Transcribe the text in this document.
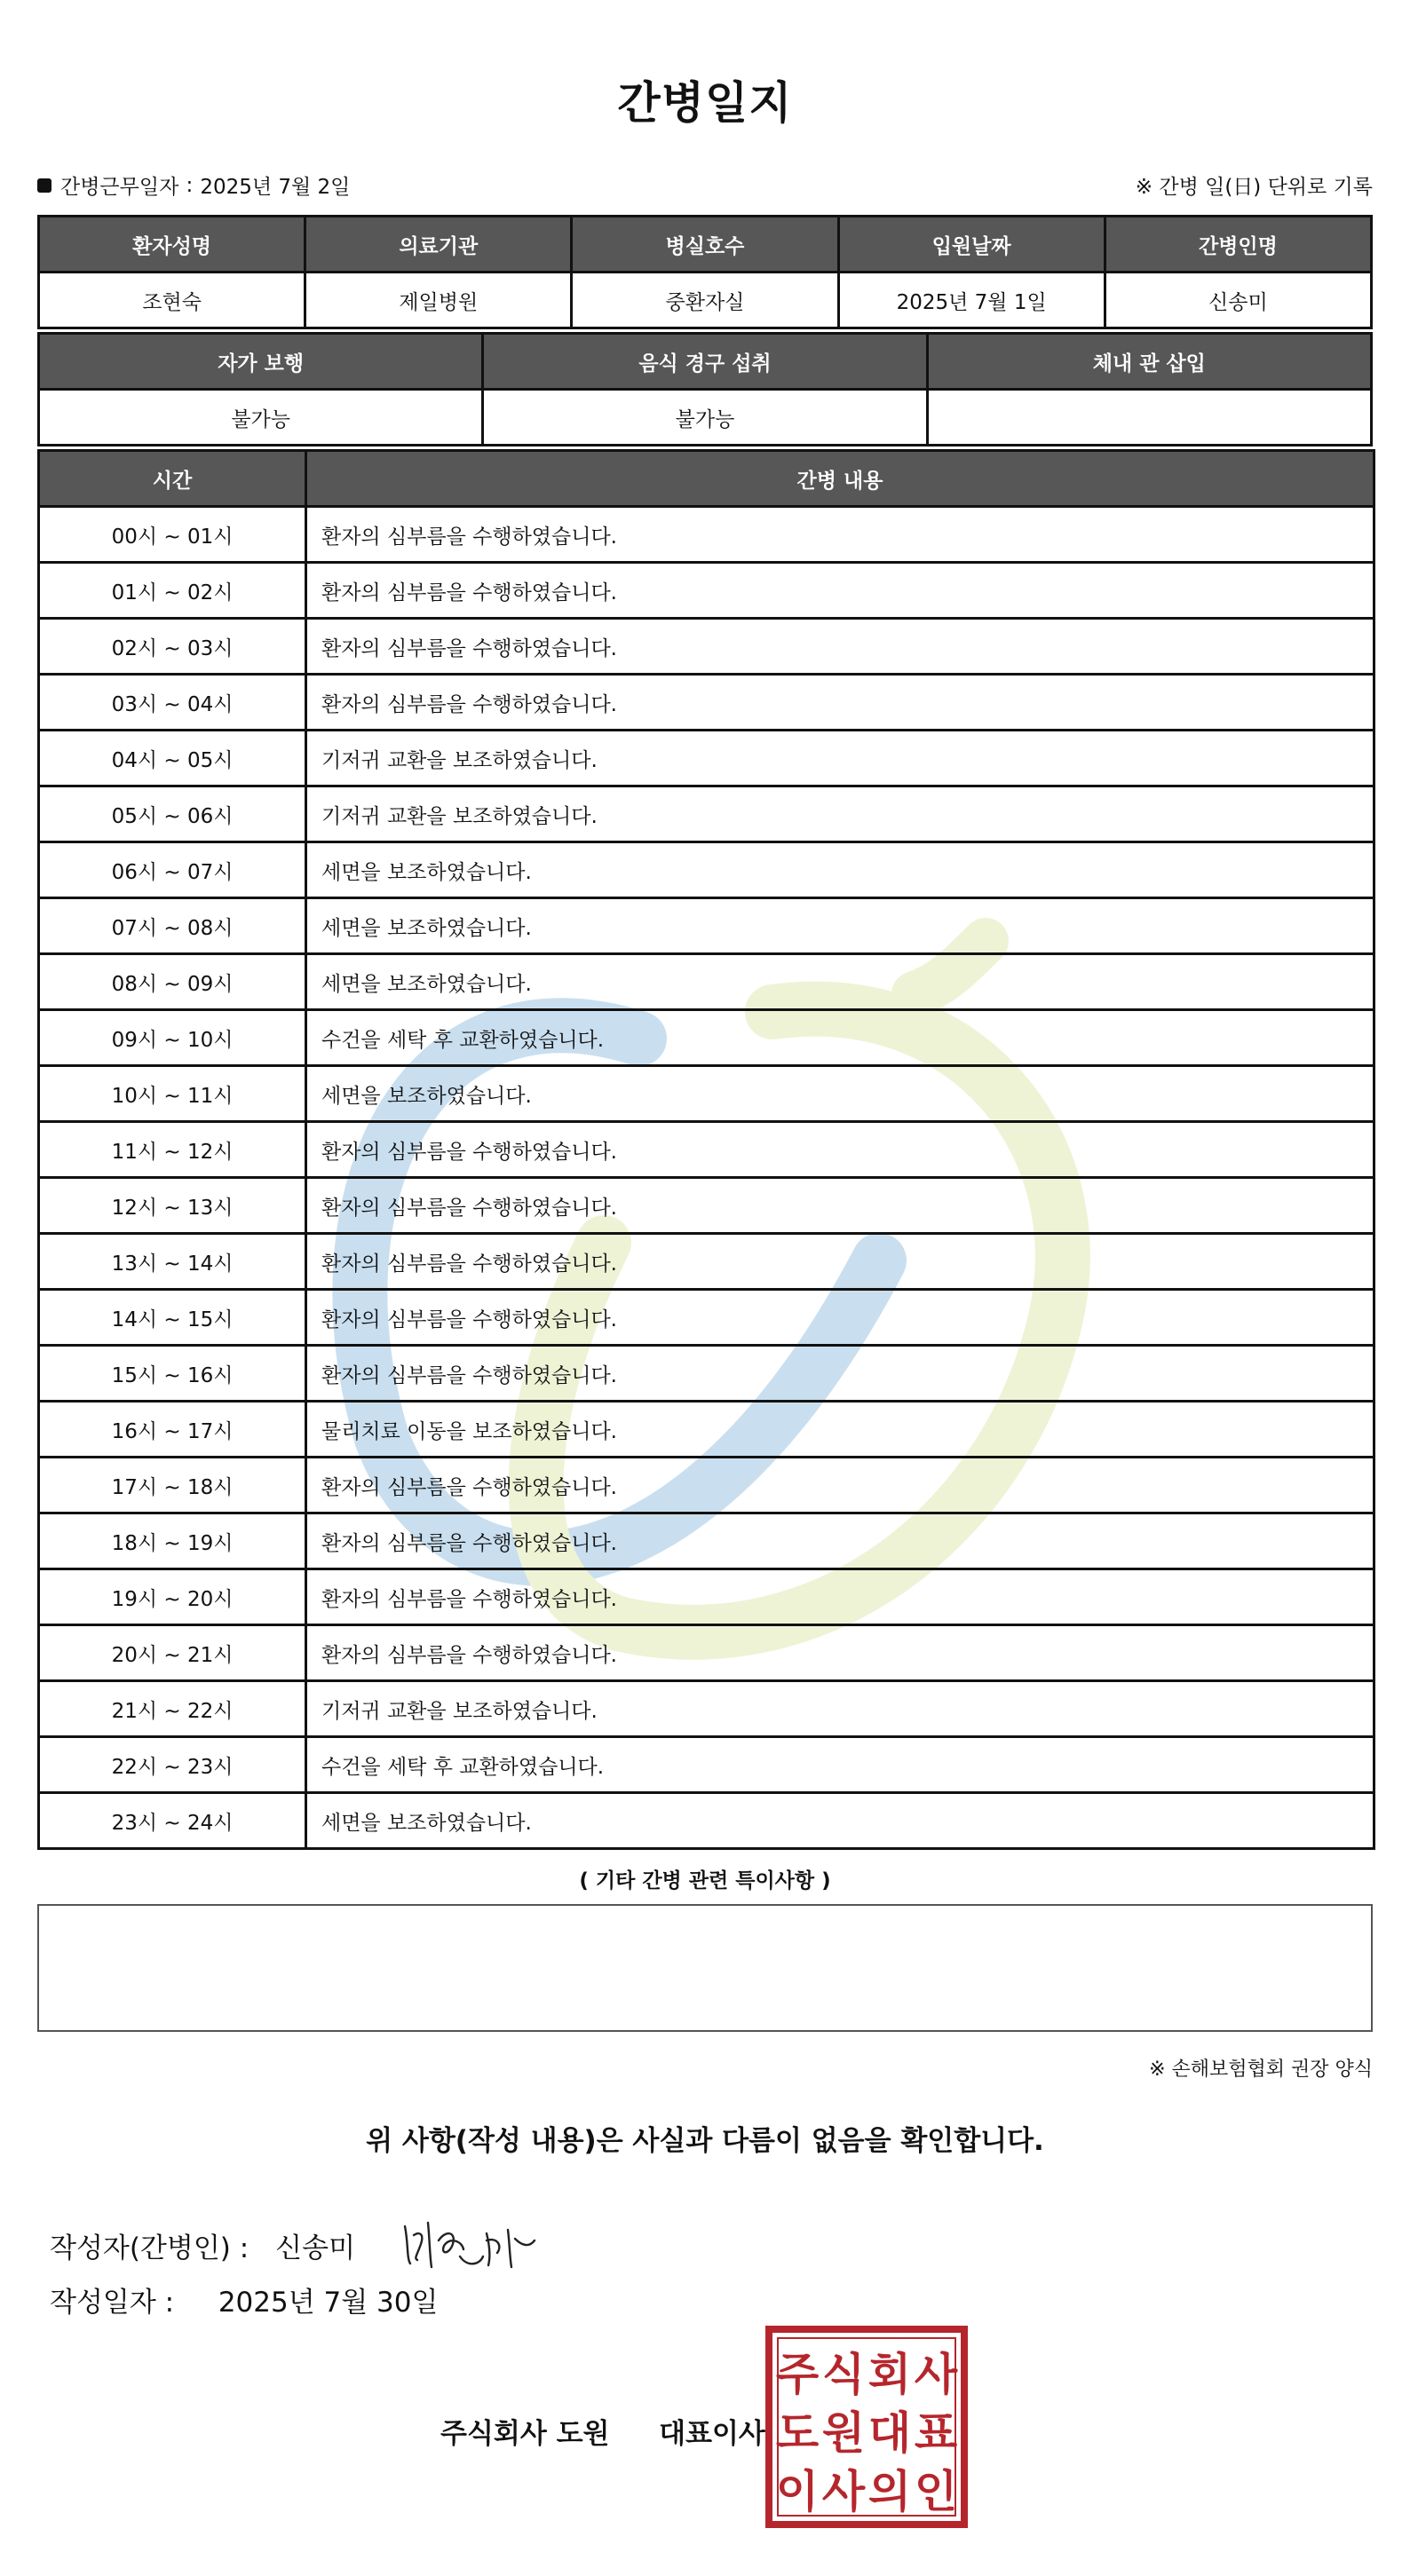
간병일지
간병근무일자 : 2025년 7월 2일	※ 간병 일(日) 단위로 기록
환자성명	의료기관	병실호수	입원날짜	간병인명
조현숙	제일병원	중환자실	2025년 7월 1일	신송미
자가 보행	음식 경구 섭취	체내 관 삽입
불가능	불가능	
시간	간병 내용
00시 ~ 01시	환자의 심부름을 수행하였습니다.
01시 ~ 02시	환자의 심부름을 수행하였습니다.
02시 ~ 03시	환자의 심부름을 수행하였습니다.
03시 ~ 04시	환자의 심부름을 수행하였습니다.
04시 ~ 05시	기저귀 교환을 보조하였습니다.
05시 ~ 06시	기저귀 교환을 보조하였습니다.
06시 ~ 07시	세면을 보조하였습니다.
07시 ~ 08시	세면을 보조하였습니다.
08시 ~ 09시	세면을 보조하였습니다.
09시 ~ 10시	수건을 세탁 후 교환하였습니다.
10시 ~ 11시	세면을 보조하였습니다.
11시 ~ 12시	환자의 심부름을 수행하였습니다.
12시 ~ 13시	환자의 심부름을 수행하였습니다.
13시 ~ 14시	환자의 심부름을 수행하였습니다.
14시 ~ 15시	환자의 심부름을 수행하였습니다.
15시 ~ 16시	환자의 심부름을 수행하였습니다.
16시 ~ 17시	물리치료 이동을 보조하였습니다.
17시 ~ 18시	환자의 심부름을 수행하였습니다.
18시 ~ 19시	환자의 심부름을 수행하였습니다.
19시 ~ 20시	환자의 심부름을 수행하였습니다.
20시 ~ 21시	환자의 심부름을 수행하였습니다.
21시 ~ 22시	기저귀 교환을 보조하였습니다.
22시 ~ 23시	수건을 세탁 후 교환하였습니다.
23시 ~ 24시	세면을 보조하였습니다.
( 기타 간병 관련 특이사항 )
※ 손해보험협회 권장 양식
위 사항(작성 내용)은 사실과 다름이 없음을 확인합니다.
작성자(간병인) : 신송미
작성일자 : 2025년 7월 30일
주식회사 도원 대표이사
주 식 회 사
도 원 대 표
이 사 의 인
